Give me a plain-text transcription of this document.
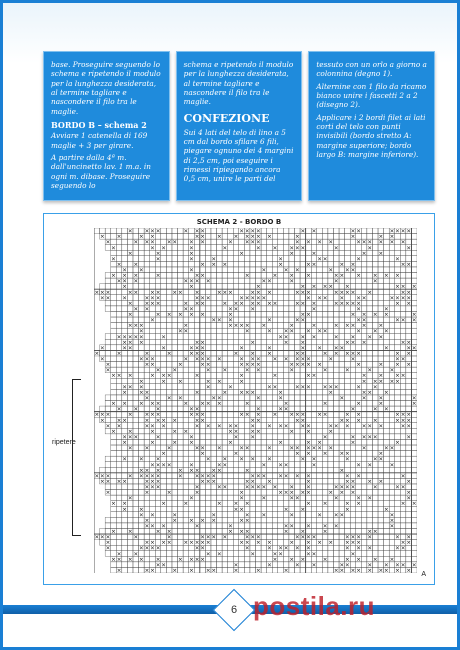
base. Proseguire seguendo lo schema e ripetendo il modulo per la lunghezza desiderata, al termine tagliare e nascondere il filo tra le maglie.

BORDO B – schema 2

Avviare 1 catenella di 169 maglie + 3 per girare.

A partire dalla 4ª m. dall'uncinetto lav. 1 m.a. in ogni m. dibase. Proseguire seguendo lo

schema e ripetendo il modulo per la lunghezza desiderata, al termine tagliare e nascondere il filo tra le maglie.

CONFEZIONE

Sui 4 lati del telo di lino a 5 cm dal bordo sfilare 6 fili, piegare ognuno dei 4 margini di 2,5 cm, poi eseguire i rimessi ripiegando ancora 0,5 cm, unire le parti del

tessuto con un orlo a giorno a colonnina (degno 1).

Alternine con 1 filo da ricamo bianco unire i fascetti 2 a 2 (disegno 2).

Applicare i 2 bordi filet ai lati corti del telo con punti invisibili (bordo stretto A: margine superiore; bordo largo B: margine inferiore).

SCHEMA 2 - BORDO B
ripetere
× × × ×	× × ×	× × × ×	× ×	× ×	× × × ×
× ×	× ×	× × × × × × × ×	×	×	× ×
×	× × × × × × ×	× × × ×	× × × ×	× × × × × ×
×	× ×	×	×	× × × × ×	×	×	×
×	×	×	×	×	×	× ×
×	×	×	×	×	× ×	×	×
× ×	× × ×	×	× ×	× ×	× ×
× ×	×	×	× ×	× × ×
× × ×	×	× ×	×	× × ×	× × × × × ×
× × ×	× × × ×	× ×	×	×	×
×	×	×	× × × × ×	× × ×
× × ×	× × × × × × ×	× × ×	× × ×	× × ×	× × × × ×	× ×
× × ×	× × ×	× × ×	× × × × ×	× × × × × ×	× × × ×
× × × ×	× × ×	× × × × × × ×	× × ×	× × × × ×	× ×
× ×	× ×	× × ×	×	×	×
×	× × × × ×	×	× ×	× × × ×	×
×	× × ×	×	× ×	× ×	× × ×
× × ×	×	× × × × ×	×	×	× × × × ×
×	× ×	×	× × × × × ×	× × ×
× × × × ×	×	× × × ×	× × × ×
× × ×	× ×	×	× ×	× × ×	× ×
×	× ×	×	× × ×	×	×	× × × ×	×	× ×
×	×	×	×	× × ×	× × ×	× ×	× × × × ×	× ×
×	× × ×	× × × × ×	× × × × × × × ×	×	×	× ×
×	× ×	×	× ×	× × × ×	× × × × ×	×	× × ×
×	× ×	× ×	× ×	×	×	×	×	×
× × ×	× × ×	×	×	×	× ×	× × × ×
×	× ×	× ×	×	× × × × ×
× × ×	×	×	× ×	× × × × × ×	× ×
× × ×	×	× × × ×	×	×	× × ×
×	× ×	× ×	×	×	×	× ×	×
× × × × ×	× × × ×	×	×	×	×	×	×
× ×	×	× ×	×	× ×	×	× ×
× × ×	× × × ×	× × ×	× × × × × × × × ×	× ×	× × ×
× × ×	× × × ×	× ×	× ×	× ×	× × × ×	× × ×
× ×	× × ×	× × × × × × × × × × ×	× × × × × ×	× ×
× ×	×	× ×	× × × ×	× ×	×
× × ×	×	×	× ×	×	× × × ×	×
×	×	× ×	×	×	× ×	×	×
× ×	×	× × ×	× ×	×	× × × × × ×	×	× ×
×	×	×	× × × × ×	×
× × ×	× × × × ×	× ×	×	× ×
× × × ×	×	× ×	× × ×	×	× ×	×
× × ×	× × × × ×	×	×
× × ×	× × × × ×	× × × × ×	× × × × × × ×	× ×	×
× × × ×	× × ×	× × ×	× × ×	×	× × × ×	×
× × ×	×	× ×	× × × × × × ×	× × × ×	×	× ×
×	×	×	×	×	× × × × ×	× × ×	×
×	×	×	×	× ×	×	× ×	×
× ×	×	×	× × ×	× ×	× ×	× ×
× ×	× ×	× ×	×	×
× ×	×	×	× ×	×	× × ×	×
×	× × × ×	× ×	×
× × ×	×	×	× × × × ×	×
× ×	× ×	× × ×	× ×	×	× ×
× × ×	×	×	× × × ×	× × ×	× × × ×	× × × ×	× ×
×	× × × × × × × × ×	× × × ×	× × × × × × ×	× ×
×	× × × ×	× ×	×	× × × × ×	× × ×	× ×
× ×	× ×	×	× ×	× ×	×
× × × × ×	× × × ×	× × ×	×	× × × ×
× ×	×	×	× ×	× ×	× × × × ×
×	× ×	× × × ×	×	×	×	× × × × × × × × × A
6 postila.ru
